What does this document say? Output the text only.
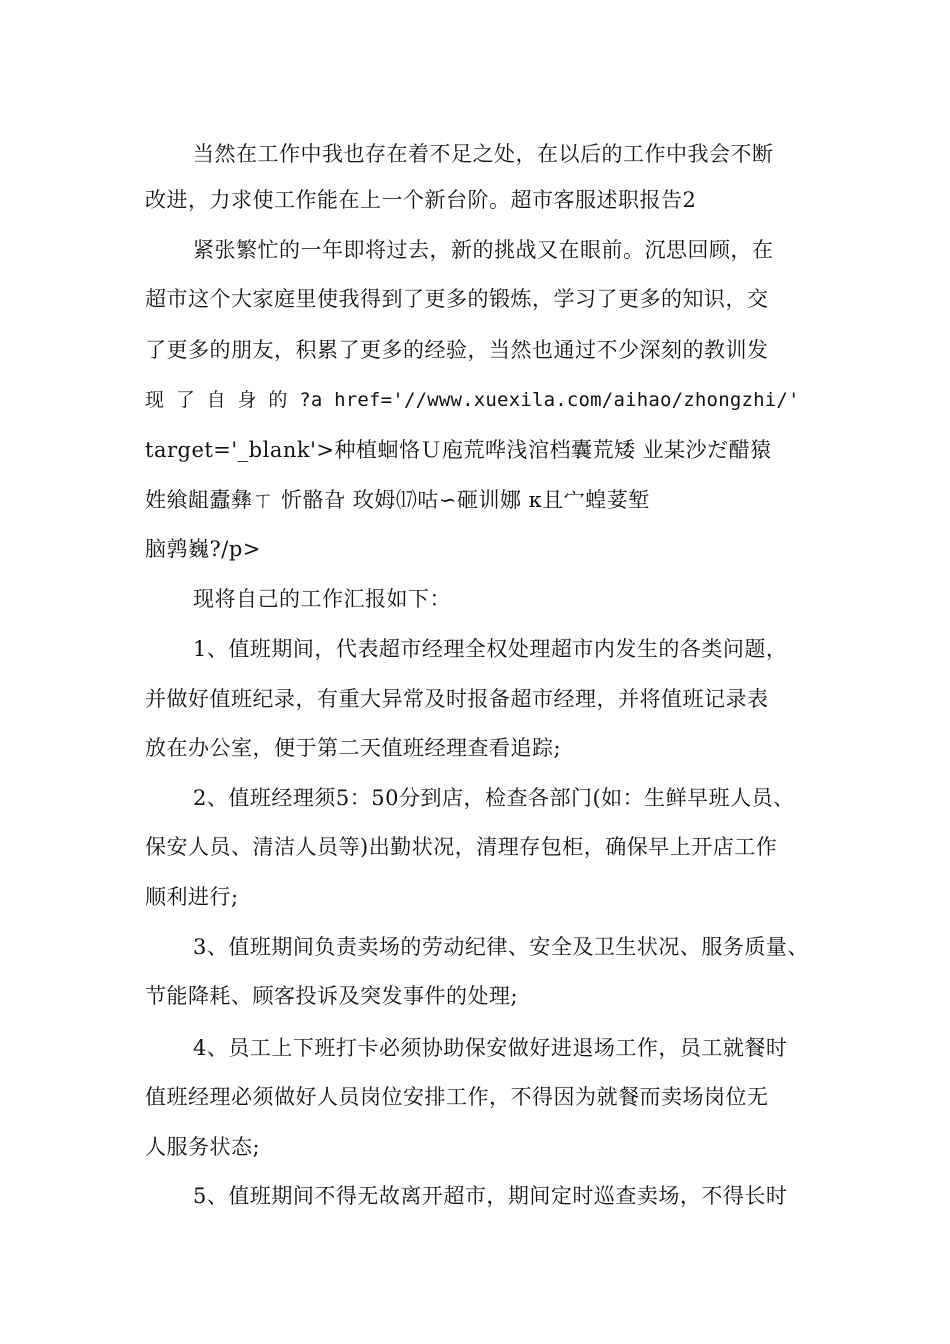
当然在工作中我也存在着不足之处，在以后的工作中我会不断

改进，力求使工作能在上一个新台阶。超市客服述职报告2

紧张繁忙的一年即将过去，新的挑战又在眼前。沉思回顾，在

超市这个大家庭里使我得到了更多的锻炼，学习了更多的知识，交

了更多的朋友，积累了更多的经验，当然也通过不少深刻的教训发

现 了 自 身 的 ?a href='//www.xuexila.com/aihao/zhongzhi/'

target='_blank'>种植蛔恪Ｕ庖荒哗浅涫档囊荒矮 业某沙だ醋猿

姓飨龃蠹彝ㄒ 忻骼旮 玫姆⒄咕∽砸训娜 κ且宀蝗荽堑

脑鹑巍?/p>

现将自己的工作汇报如下：

1、值班期间，代表超市经理全权处理超市内发生的各类问题，

并做好值班纪录，有重大异常及时报备超市经理，并将值班记录表

放在办公室，便于第二天值班经理查看追踪;

2、值班经理须5：50分到店，检查各部门(如：生鲜早班人员、

保安人员、清洁人员等)出勤状况，清理存包柜，确保早上开店工作

顺利进行;

3、值班期间负责卖场的劳动纪律、安全及卫生状况、服务质量、

节能降耗、顾客投诉及突发事件的处理;

4、员工上下班打卡必须协助保安做好进退场工作，员工就餐时

值班经理必须做好人员岗位安排工作，不得因为就餐而卖场岗位无

人服务状态;

5、值班期间不得无故离开超市，期间定时巡查卖场，不得长时
